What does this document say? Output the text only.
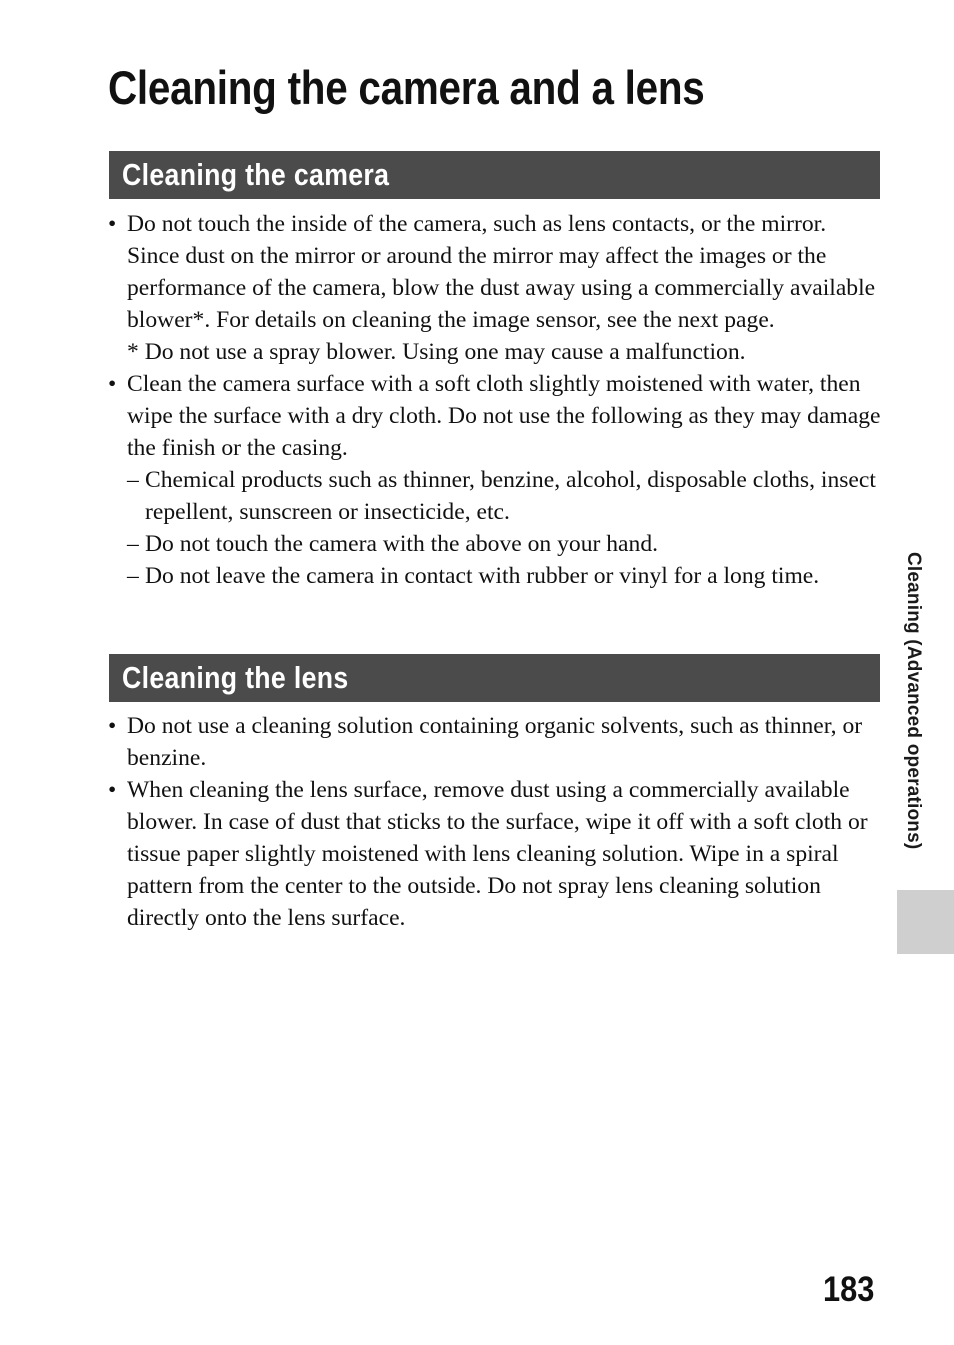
Cleaning the camera and a lens
Cleaning the camera
• Do not touch the inside of the camera, such as lens contacts, or the mirror. Since dust on the mirror or around the mirror may affect the images or the performance of the camera, blow the dust away using a commercially available blower*. For details on cleaning the image sensor, see the next page.
* Do not use a spray blower. Using one may cause a malfunction.
• Clean the camera surface with a soft cloth slightly moistened with water, then wipe the surface with a dry cloth. Do not use the following as they may damage the finish or the casing.
– Chemical products such as thinner, benzine, alcohol, disposable cloths, insect repellent, sunscreen or insecticide, etc.
– Do not touch the camera with the above on your hand.
– Do not leave the camera in contact with rubber or vinyl for a long time.
Cleaning the lens
• Do not use a cleaning solution containing organic solvents, such as thinner, or benzine.
• When cleaning the lens surface, remove dust using a commercially available blower. In case of dust that sticks to the surface, wipe it off with a soft cloth or tissue paper slightly moistened with lens cleaning solution. Wipe in a spiral pattern from the center to the outside. Do not spray lens cleaning solution directly onto the lens surface.
Cleaning (Advanced operations)
183
